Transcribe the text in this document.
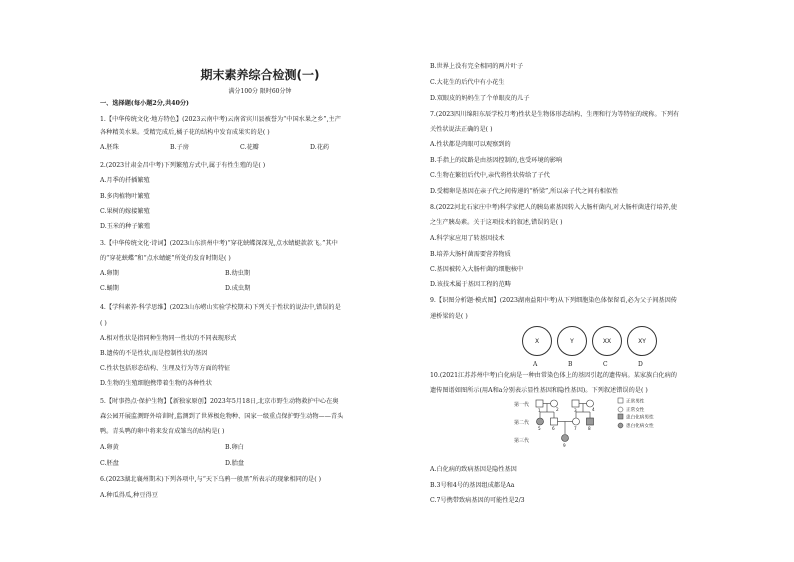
期末素养综合检测(一)
满分100分 限时60分钟
一、选择题(每小题2分,共40分)
1.【中华传统文化·地方特色】(2023云南中考)云南省宾川县被誉为“中国水果之乡”,主产
各种精美水果。受精完成后,橘子花的结构中发育成果实的是( )
A.胚珠	B.子房	C.花瓣	D.花药
2.(2023甘肃金昌中考)下列繁殖方式中,属于有性生殖的是( )
A.月季的扦插繁殖
B.多肉植物叶繁殖
C.果树的嫁接繁殖
D.玉米的种子繁殖
3.【中华传统文化·诗词】(2023山东滨州中考)“穿花蛱蝶深深见,点水蜻蜓款款飞。”其中
的“穿花蛱蝶”和“点水蜻蜓”所处的发育时期是( )
A.卵期	B.幼虫期
C.蛹期	D.成虫期
4.【学科素养·科学思维】(2023山东崂山实验学校期末)下列关于性状的说法中,错误的是
( )
A.相对性状是指同种生物同一性状的不同表现形式
B.遗传的不是性状,而是控制性状的基因
C.性状包括形态结构、生理及行为等方面的特征
D.生物的生殖细胞携带着生物的各种性状
5.【时事热点·保护生物】【新独家原创】2023年5月18日,北京市野生动物救护中心在奥
森公园开展监测野外培训时,监测到了世界极危物种、国家一级重点保护野生动物——青头
鸭。青头鸭的卵中将来发育成雏鸟的结构是( )
A.卵黄	B.卵白
C.胚盘	D.胎盘
6.(2023湖北襄州期末)下列各项中,与“天下乌鸦一般黑”所表示的现象相同的是( )
A.种瓜得瓜,种豆得豆
B.世界上没有完全相同的两片叶子
C.大花生的后代中有小花生
D.双眼皮的妈妈生了个单眼皮的儿子
7.(2023四川绵阳东辰学校月考)性状是生物体形态结构、生理和行为等特征的统称。下列有
关性状说法正确的是( )
A.性状都是肉眼可以观察到的
B.手指上的纹路是由基因控制的,也受环境的影响
C.生物在繁衍后代中,亲代将性状传给了子代
D.受精卵是基因在亲子代之间传递的“桥梁”,所以亲子代之间有相似性
8.(2022河北石家庄中考)科学家把人的胰岛素基因转入大肠杆菌内,对大肠杆菌进行培养,使
之生产胰岛素。关于这项技术的叙述,错误的是( )
A.科学家应用了转基因技术
B.培养大肠杆菌需要营养物质
C.基因被转入大肠杆菌的细胞核中
D.该技术属于基因工程的范畴
9.【识图分析题·模式图】(2023湖南益阳中考)从下列细胞染色体保留看,必为父子间基因传
递桥梁的是( )
X	Y	XX	XY
A	B	C	D
10.(2021江苏苏州中考)白化病是一种由常染色体上的基因引起的遗传病。某家族白化病的
遗传图谱如图所示(用A和a分别表示显性基因和隐性基因)。下列叙述错误的是( )
第一代
第二代
第三代
1	2	3	4
5	6	7	8
9
正常男性
正常女性
患白化病男性
患白化病女性
A.白化病的致病基因是隐性基因
B.3号和4号的基因组成都是Aa
C.7号携带致病基因的可能性是2/3
